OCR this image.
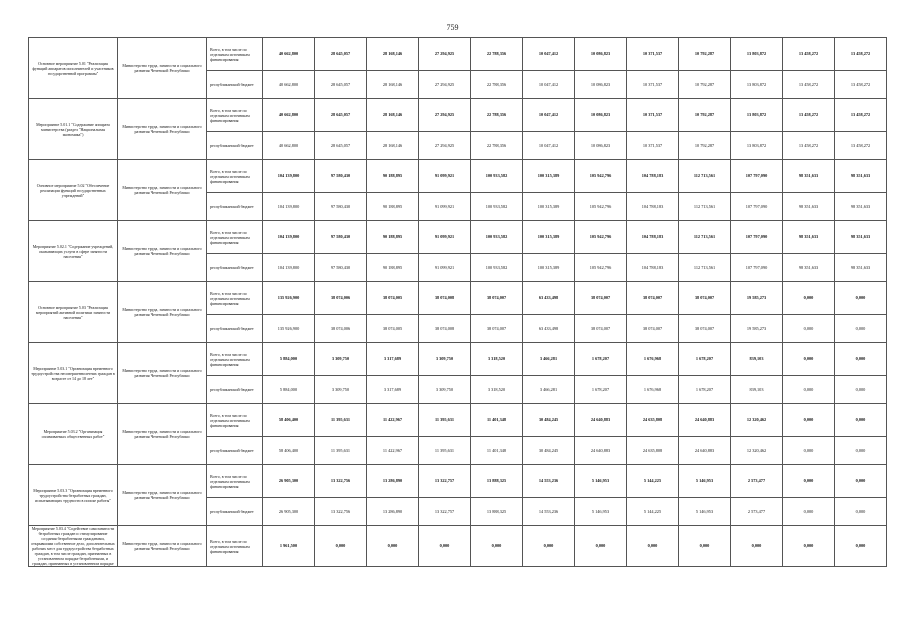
759
Основное мероприятие 5.01 "Реализация функций аппаратов исполнителей и участников государственной программы"	Министерство труда, занятости и социального развития Чеченской Республики	Всего, в том числе по отдельным источникам финансирования	40 662,800	28 645,057	28 168,146	27 294,925	22 788,356	10 047,412	10 086,823	10 371,537	10 792,287	13 803,872	13 458,272	13 458,272
		республиканский бюджет	40 662,800	28 645,057	28 168,146	27 294,925	22 788,356	10 047,412	10 086,823	10 371,537	10 792,287	13 803,872	13 458,272	13 458,272
Мероприятие 5.01.1 "Содержание аппарата министерства (раздел "Национальная экономика")	Министерство труда, занятости и социального развития Чеченской Республики	Всего, в том числе по отдельным источникам финансирования	40 662,800	28 645,057	28 168,146	27 294,925	22 788,356	10 047,412	10 086,823	10 371,537	10 792,287	13 803,872	13 458,272	13 458,272
		республиканский бюджет	40 662,800	28 645,057	28 168,146	27 294,925	22 788,356	10 047,412	10 086,823	10 371,537	10 792,287	13 803,872	13 458,272	13 458,272
Основное мероприятие 5.02 "Обеспечение реализации функций государственных учреждений"	Министерство труда, занятости и социального развития Чеченской Республики	Всего, в том числе по отдельным источникам финансирования	104 139,800	97 580,430	90 188,895	91 099,921	100 933,582	100 315,389	105 942,796	104 788,183	112 713,561	107 797,090	98 351,633	98 351,633
		республиканский бюджет	104 139,800	97 580,430	90 188,895	91 099,921	100 933,582	100 315,389	105 942,796	104 788,183	112 713,561	107 797,090	98 351,633	98 351,633
Мероприятие 5.02.1 "Содержание учреждений, оказывающих услуги в сфере занятости населения"	Министерство труда, занятости и социального развития Чеченской Республики	Всего, в том числе по отдельным источникам финансирования	104 139,800	97 580,430	90 188,895	91 099,921	100 933,582	100 315,389	105 942,796	104 788,183	112 713,561	107 797,090	98 351,633	98 351,633
		республиканский бюджет	104 139,800	97 580,430	90 188,895	91 099,921	100 933,582	100 315,389	105 942,796	104 788,183	112 713,561	107 797,090	98 351,633	98 351,633
Основное мероприятие 5.03 "Реализация мероприятий активной политики занятости населения"	Министерство труда, занятости и социального развития Чеченской Республики	Всего, в том числе по отдельным источникам финансирования	135 926,900	38 074,006	38 074,005	38 074,008	38 074,007	63 433,498	38 074,007	38 074,007	38 074,007	19 585,273	0,000	0,000
		республиканский бюджет	135 926,900	38 074,006	38 074,005	38 074,008	38 074,007	63 433,498	38 074,007	38 074,007	38 074,007	19 585,273	0,000	0,000
Мероприятие 5.03.1 "Организация временного трудоустройства несовершеннолетних граждан в возрасте от 14 до 18 лет"	Министерство труда, занятости и социального развития Чеченской Республики	Всего, в том числе по отдельным источникам финансирования	5 884,000	3 309,750	3 317,689	3 309,750	3 318,520	3 466,281	1 678,207	1 676,968	1 678,207	839,103	0,000	0,000
		республиканский бюджет	5 884,000	3 309,750	3 317,689	3 309,750	3 318,520	3 466,281	1 678,207	1 676,968	1 678,207	839,103	0,000	0,000
Мероприятие 5.03.2 "Организация оплачиваемых общественных работ"	Министерство труда, занятости и социального развития Чеченской Республики	Всего, в том числе по отдельным источникам финансирования	58 406,400	11 395,631	11 422,967	11 395,631	11 401,348	30 484,245	24 640,883	24 635,808	24 640,883	12 320,462	0,000	0,000
		республиканский бюджет	58 406,400	11 395,631	11 422,967	11 395,631	11 401,348	30 484,245	24 640,883	24 635,808	24 640,883	12 320,462	0,000	0,000
Мероприятие 5.03.3 "Организация временного трудоустройства безработных граждан, испытывающих трудности в поиске работы"	Министерство труда, занятости и социального развития Чеченской Республики	Всего, в том числе по отдельным источникам финансирования	26 905,300	13 322,756	13 286,890	13 322,757	13 888,325	14 553,236	5 146,953	5 144,225	5 146,953	2 573,477	0,000	0,000
		республиканский бюджет	26 905,300	13 322,756	13 286,890	13 322,757	13 888,325	14 553,236	5 146,953	5 144,225	5 146,953	2 573,477	0,000	0,000
Мероприятие 5.03.4 "Содействие самозанятости безработных граждан и стимулирование создания безработными гражданами, открывшими собственное дело, дополнительных рабочих мест для трудоустройства безработных граждан, в том числе граждан, признанных в установленном порядке безработными, и граждан, признанных в установленном порядке	Министерство труда, занятости и социального развития Чеченской Республики	Всего, в том числе по отдельным источникам финансирования	1 961,500	0,000	0,000	0,000	0,000	0,000	0,000	0,000	0,000	0,000	0,000	0,000
